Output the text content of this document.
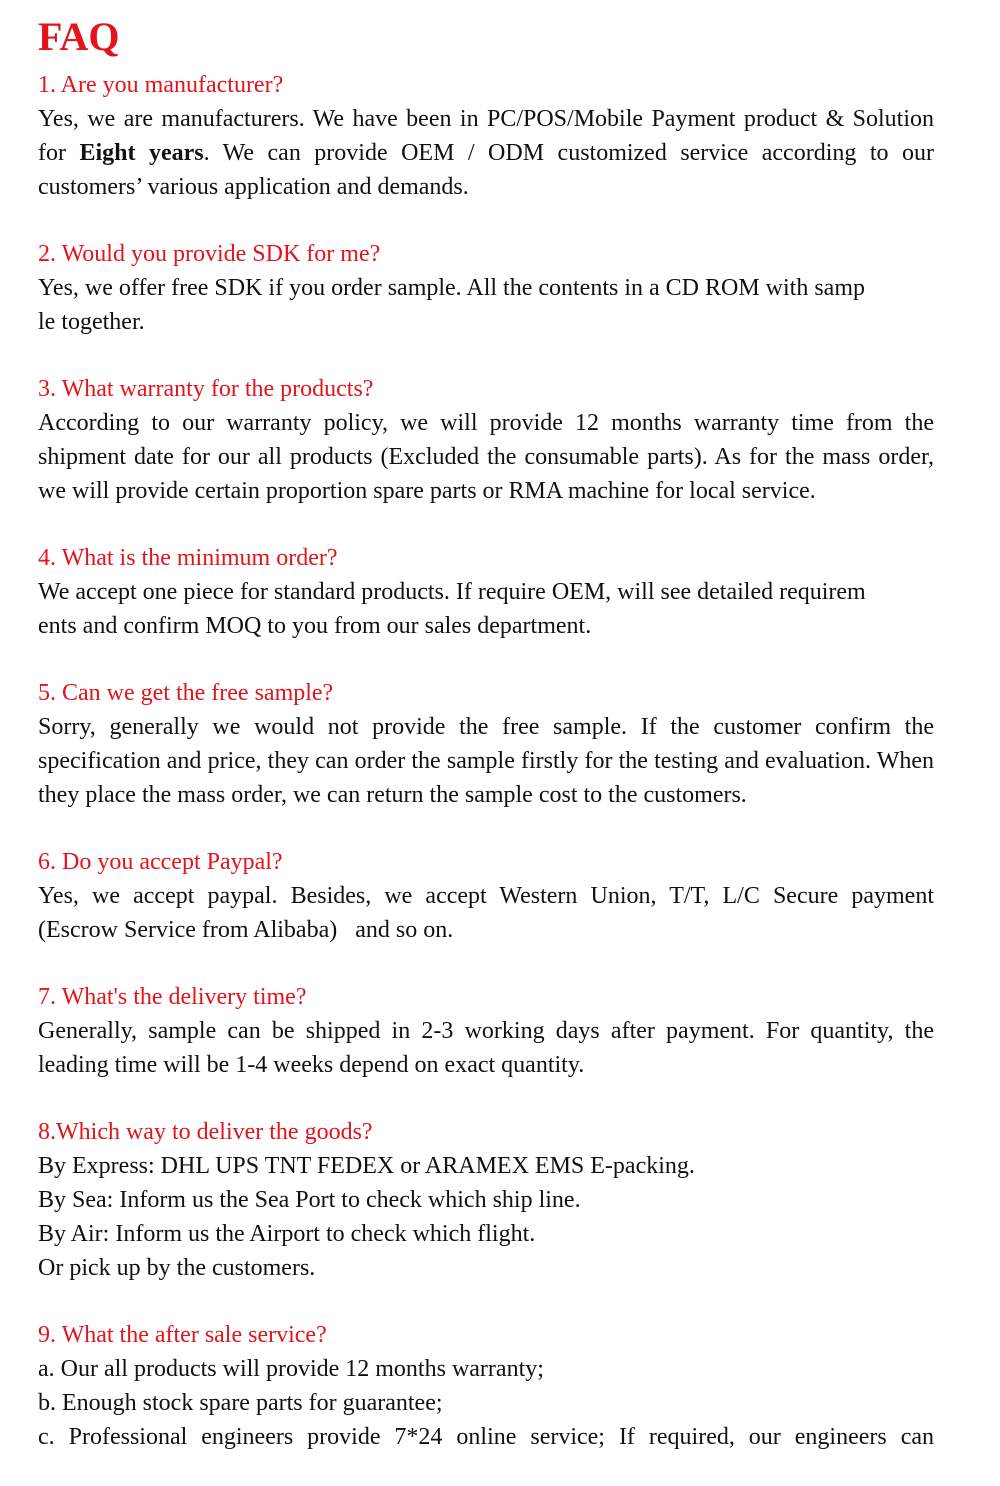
FAQ

1. Are you manufacturer?

Yes, we are manufacturers. We have been in PC/POS/Mobile Payment product & Solution for Eight years. We can provide OEM / ODM customized service according to our customers’ various application and demands.

2. Would you provide SDK for me?

Yes, we offer free SDK if you order sample. All the contents in a CD ROM with samp
le together.

3. What warranty for the products?

According to our warranty policy, we will provide 12 months warranty time from the shipment date for our all products (Excluded the consumable parts). As for the mass order, we will provide certain proportion spare parts or RMA machine for local service.

4. What is the minimum order?

We accept one piece for standard products. If require OEM, will see detailed requirem
ents and confirm MOQ to you from our sales department.

5. Can we get the free sample?

Sorry, generally we would not provide the free sample. If the customer confirm the specification and price, they can order the sample firstly for the testing and evaluation. When they place the mass order, we can return the sample cost to the customers.

6. Do you accept Paypal?

Yes, we accept paypal. Besides, we accept Western Union, T/T, L/C Secure payment
(Escrow Service from Alibaba)   and so on.

7. What's the delivery time?

Generally, sample can be shipped in 2-3 working days after payment. For quantity, the leading time will be 1-4 weeks depend on exact quantity.

8.Which way to deliver the goods?

By Express: DHL UPS TNT FEDEX or ARAMEX EMS E-packing.
By Sea: Inform us the Sea Port to check which ship line.
By Air: Inform us the Airport to check which flight.
Or pick up by the customers.

9. What the after sale service?

a. Our all products will provide 12 months warranty;
b. Enough stock spare parts for guarantee;
c. Professional engineers provide 7*24 online service; If required, our engineers can
